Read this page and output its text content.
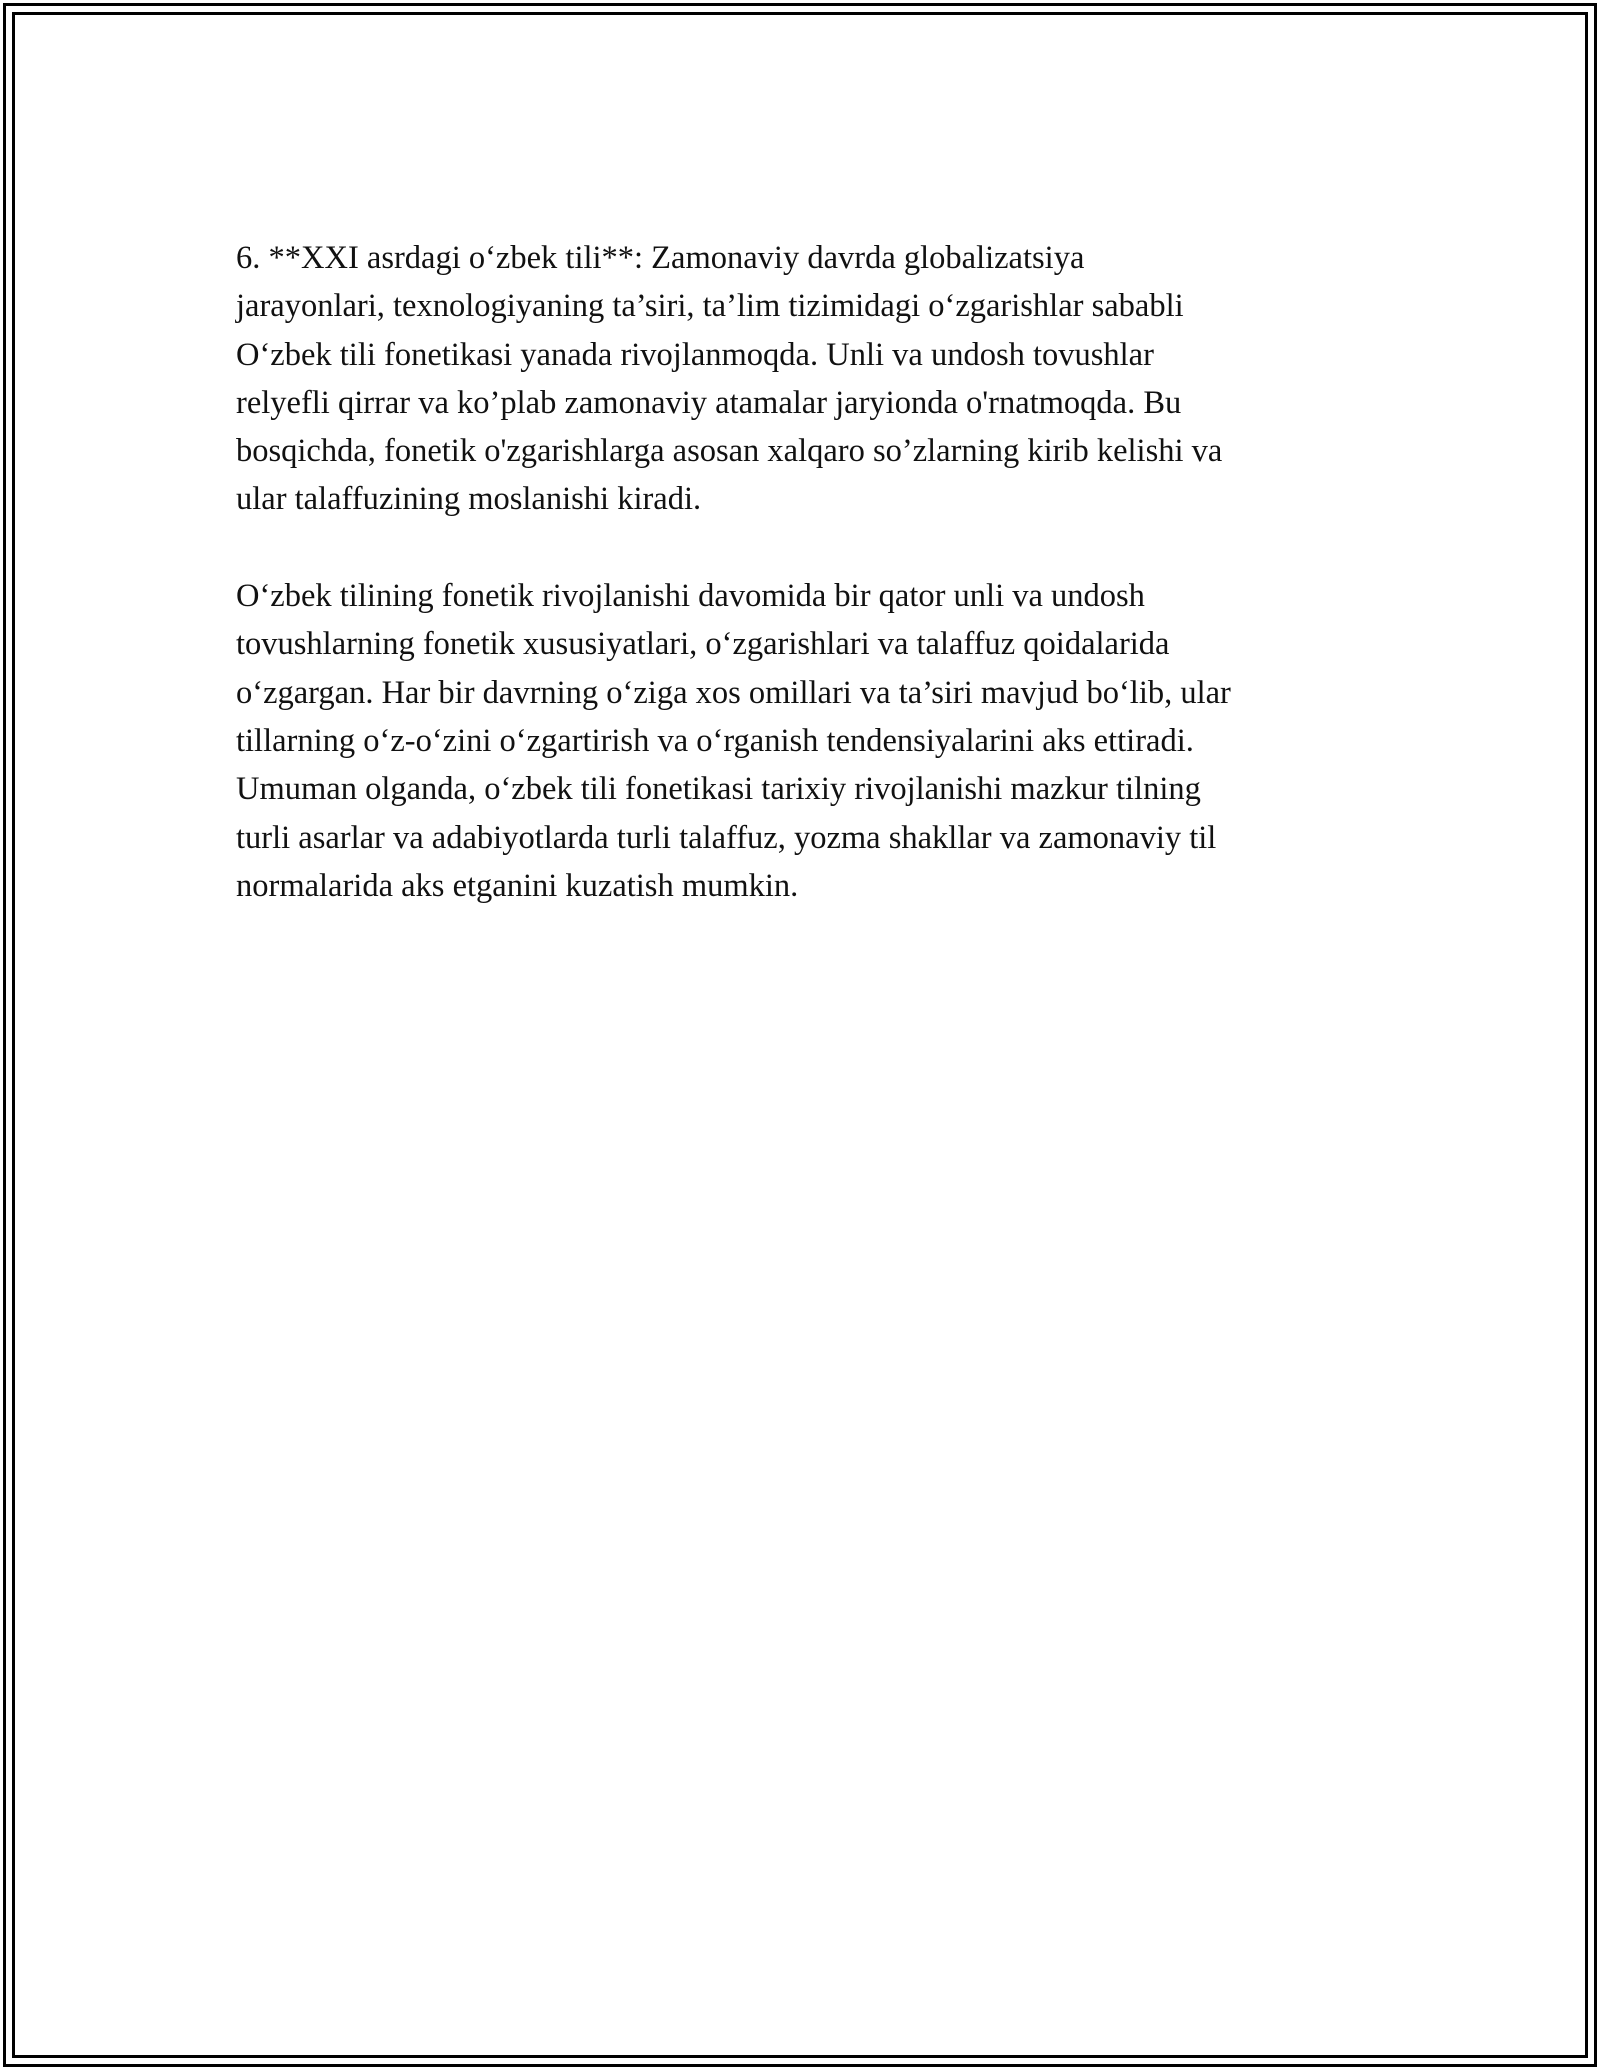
6. **XXI asrdagi o‘zbek tili**: Zamonaviy davrda globalizatsiya
jarayonlari, texnologiyaning ta’siri, ta’lim tizimidagi o‘zgarishlar sababli
O‘zbek tili fonetikasi yanada rivojlanmoqda. Unli va undosh tovushlar
relyefli qirrar va ko’plab zamonaviy atamalar jaryionda o'rnatmoqda. Bu
bosqichda, fonetik o'zgarishlarga asosan xalqaro so’zlarning kirib kelishi va
ular talaffuzining moslanishi kiradi.

O‘zbek tilining fonetik rivojlanishi davomida bir qator unli va undosh
tovushlarning fonetik xususiyatlari, o‘zgarishlari va talaffuz qoidalarida
o‘zgargan. Har bir davrning o‘ziga xos omillari va ta’siri mavjud bo‘lib, ular
tillarning o‘z-o‘zini o‘zgartirish va o‘rganish tendensiyalarini aks ettiradi.
Umuman olganda, o‘zbek tili fonetikasi tarixiy rivojlanishi mazkur tilning
turli asarlar va adabiyotlarda turli talaffuz, yozma shakllar va zamonaviy til
normalarida aks etganini kuzatish mumkin.
